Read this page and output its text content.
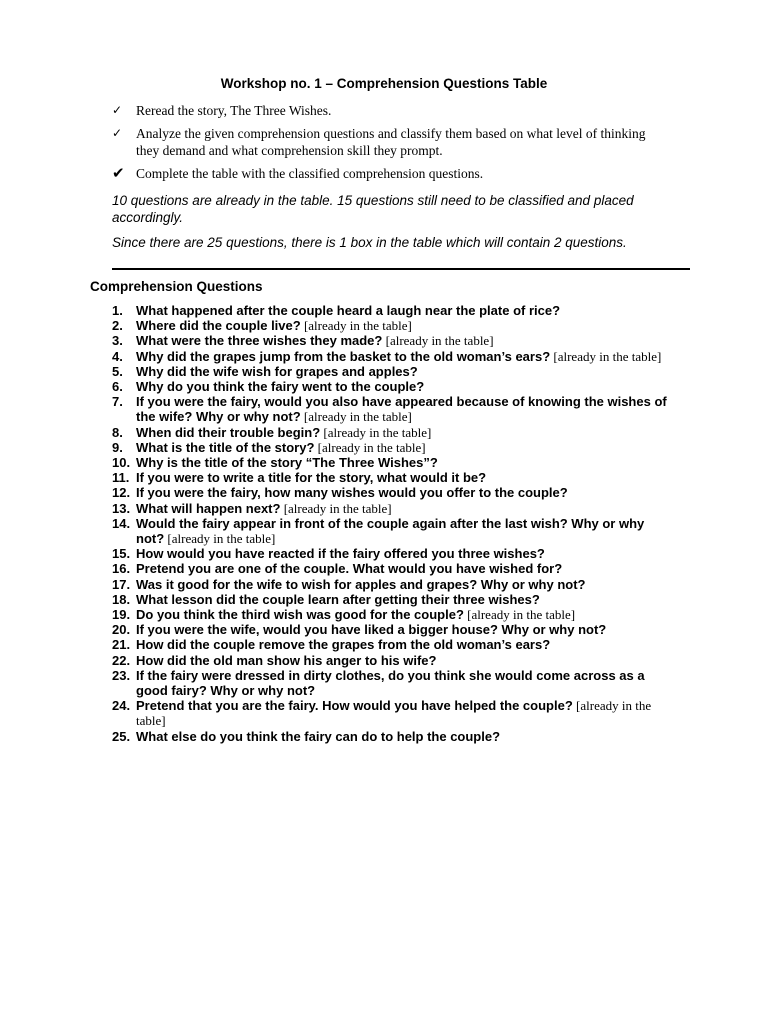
Workshop no. 1 – Comprehension Questions Table
✓	Reread the story, The Three Wishes.
✓	Analyze the given comprehension questions and classify them based on what level of thinking they demand and what comprehension skill they prompt.
✔ Complete the table with the classified comprehension questions.

10 questions are already in the table. 15 questions still need to be classified and placed accordingly.

Since there are 25 questions, there is 1 box in the table which will contain 2 questions.

Comprehension Questions
1.	What happened after the couple heard a laugh near the plate of rice?
2.	Where did the couple live? [already in the table]
3.	What were the three wishes they made? [already in the table]
4.	Why did the grapes jump from the basket to the old woman’s ears? [already in the table]
5.	Why did the wife wish for grapes and apples?
6.	Why do you think the fairy went to the couple?
7.	If you were the fairy, would you also have appeared because of knowing the wishes of the wife? Why or why not? [already in the table]
8.	When did their trouble begin? [already in the table]
9.	What is the title of the story? [already in the table]
10. Why is the title of the story “The Three Wishes”?
11. If you were to write a title for the story, what would it be?
12. If you were the fairy, how many wishes would you offer to the couple?
13. What will happen next? [already in the table]
14. Would the fairy appear in front of the couple again after the last wish? Why or why not? [already in the table]
15. How would you have reacted if the fairy offered you three wishes?
16. Pretend you are one of the couple. What would you have wished for?
17. Was it good for the wife to wish for apples and grapes? Why or why not?
18. What lesson did the couple learn after getting their three wishes?
19. Do you think the third wish was good for the couple? [already in the table]
20. If you were the wife, would you have liked a bigger house? Why or why not?
21. How did the couple remove the grapes from the old woman’s ears?
22. How did the old man show his anger to his wife?
23. If the fairy were dressed in dirty clothes, do you think she would come across as a good fairy? Why or why not?
24. Pretend that you are the fairy. How would you have helped the couple? [already in the table]
25. What else do you think the fairy can do to help the couple?
